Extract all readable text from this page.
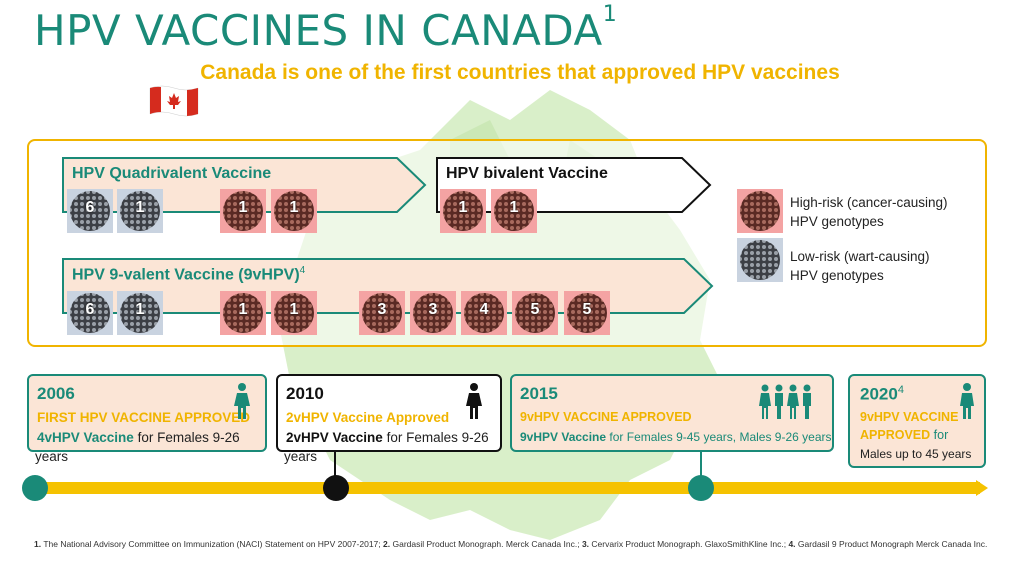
HPV VACCINES IN CANADA$^1$
Canada is one of the first countries that approved HPV vaccines
HPV Quadrivalent Vaccine	HPV bivalent Vaccine
HPV 9-valent Vaccine (9vHPV)$^4$
6	1	1	1	1	1
6	1	1	1	3	3	4	5	5
High-risk (cancer-causing) HPV genotypes
Low-risk (wart-causing) HPV genotypes
2006
FIRST HPV VACCINE APPROVED
4vHPV Vaccine for Females 9-26
years
2010
2vHPV Vaccine Approved
2vHPV Vaccine for Females 9-26
years
2015
9vHPV VACCINE APPROVED
9vHPV Vaccine for Females 9-45 years, Males 9-26 years
2020$^4$
9vHPV VACCINE
APPROVED for
Males up to 45 years
1. The National Advisory Committee on Immunization (NACI) Statement on HPV 2007-2017; 2. Gardasil Product Monograph. Merck Canada Inc.; 3. Cervarix Product Monograph. GlaxoSmithKline Inc.; 4. Gardasil 9 Product Monograph Merck Canada Inc.
